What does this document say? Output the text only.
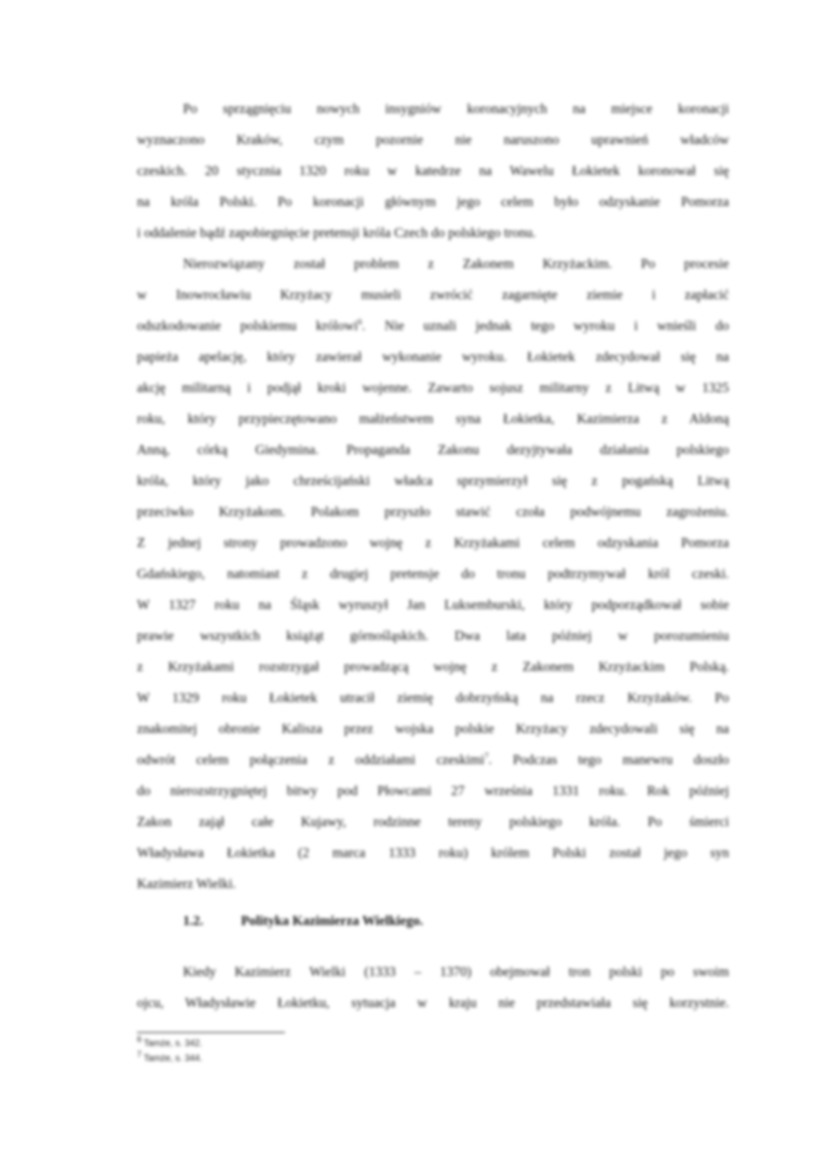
Po sprzągnięciu nowych insygniów koronacyjnych na miejsce koronacji
wyznaczono Kraków, czym pozornie nie naruszono uprawnień władców
czeskich. 20 stycznia 1320 roku w katedrze na Wawelu Łokietek koronował się
na króla Polski. Po koronacji głównym jego celem było odzyskanie Pomorza
i oddalenie bądź zapobiegnięcie pretensji króla Czech do polskiego tronu.
Nierozwiązany został problem z Zakonem Krzyżackim. Po procesie
w Inowrocławiu Krzyżacy musieli zwrócić zagarnięte ziemie i zapłacić
odszkodowanie polskiemu królowi$^6$. Nie uznali jednak tego wyroku i wnieśli do
papieża apelację, który zawierał wykonanie wyroku. Łokietek zdecydował się na
akcję militarną i podjął kroki wojenne. Zawarto sojusz militarny z Litwą w 1325
roku, który przypieczętowano małżeństwem syna Łokietka, Kazimierza z Aldoną
Anną, córką Giedymina. Propaganda Zakonu dezyjtywała działania polskiego
króla, który jako chrześcijański władca sprzymierzył się z pogańską Litwą
przeciwko Krzyżakom. Polakom przyszło stawić czoła podwójnemu zagrożeniu.
Z jednej strony prowadzono wojnę z Krzyżakami celem odzyskania Pomorza
Gdańskiego, natomiast z drugiej pretensje do tronu podtrzymywał król czeski.
W 1327 roku na Śląsk wyruszył Jan Luksemburski, który podporządkował sobie
prawie wszystkich książąt górnośląskich. Dwa lata później w porozumieniu
z Krzyżakami rozstrzygał prowadzącą wojnę z Zakonem Krzyżackim Polską.
W 1329 roku Łokietek utracił ziemię dobrzyńską na rzecz Krzyżaków. Po
znakomitej obronie Kalisza przez wojska polskie Krzyżacy zdecydowali się na
odwrót celem połączenia z oddziałami czeskimi$^7$. Podczas tego manewru doszło
do nierozstrzygniętej bitwy pod Płowcami 27 września 1331 roku. Rok później
Zakon zajął całe Kujawy, rodzinne tereny polskiego króla. Po śmierci
Władysława Łokietka (2 marca 1333 roku) królem Polski został jego syn
Kazimierz Wielki.
1.2.	Polityka Kazimierza Wielkiego.
Kiedy Kazimierz Wielki (1333 – 1370) obejmował tron polski po swoim
ojcu, Władysławie Łokietku, sytuacja w kraju nie przedstawiała się korzystnie.
$^6$ Tamże, s. 342.
$^7$ Tamże, s. 344.
